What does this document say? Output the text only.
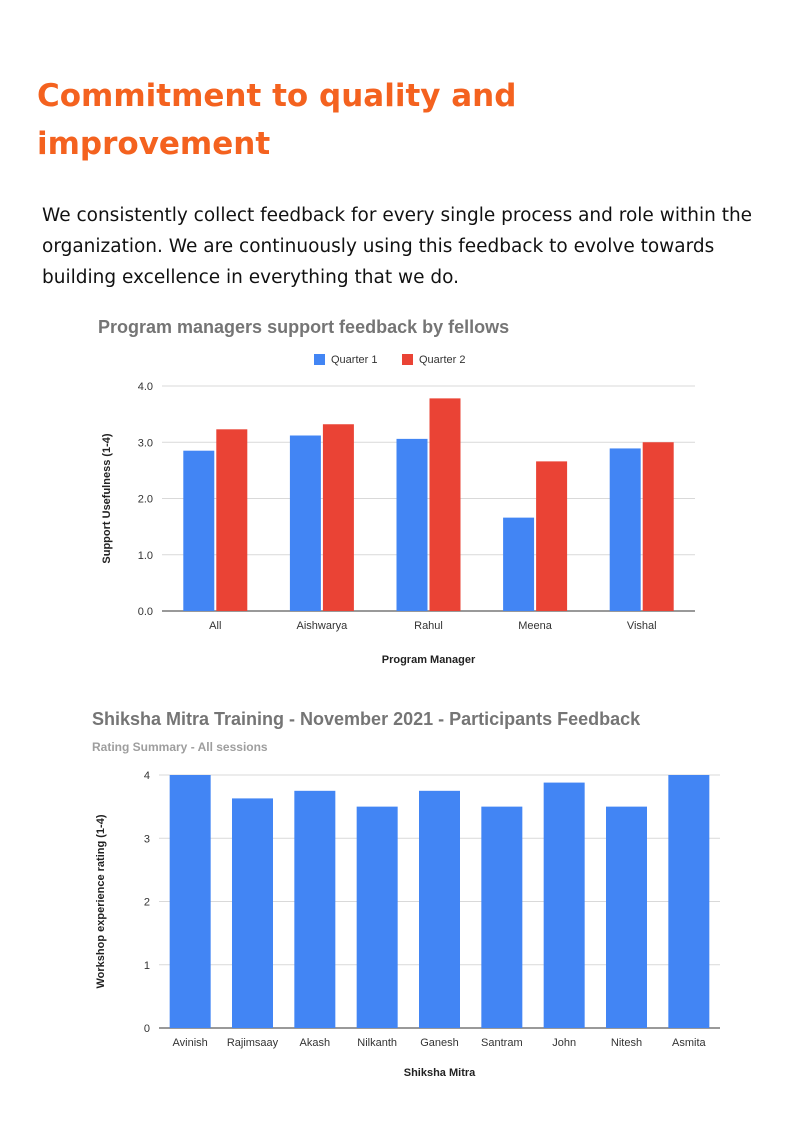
Commitment to quality and improvement

We consistently collect feedback for every single process and role within the organization. We are continuously using this feedback to evolve towards building excellence in everything that we do.

Program managers support feedback by fellows
Quarter 1	Quarter 2
0.0
1.0
2.0
3.0
4.0
All	Aishwarya	Rahul	Meena	Vishal
Program Manager
Support Usefulness (1-4)
Shiksha Mitra Training - November 2021 - Participants Feedback
Rating Summary - All sessions
0
1
2
3
4
Avinish Rajimsaay Akash Nilkanth Ganesh Santram	John	Nitesh	Asmita
Shiksha Mitra
Workshop experience rating (1-4)
